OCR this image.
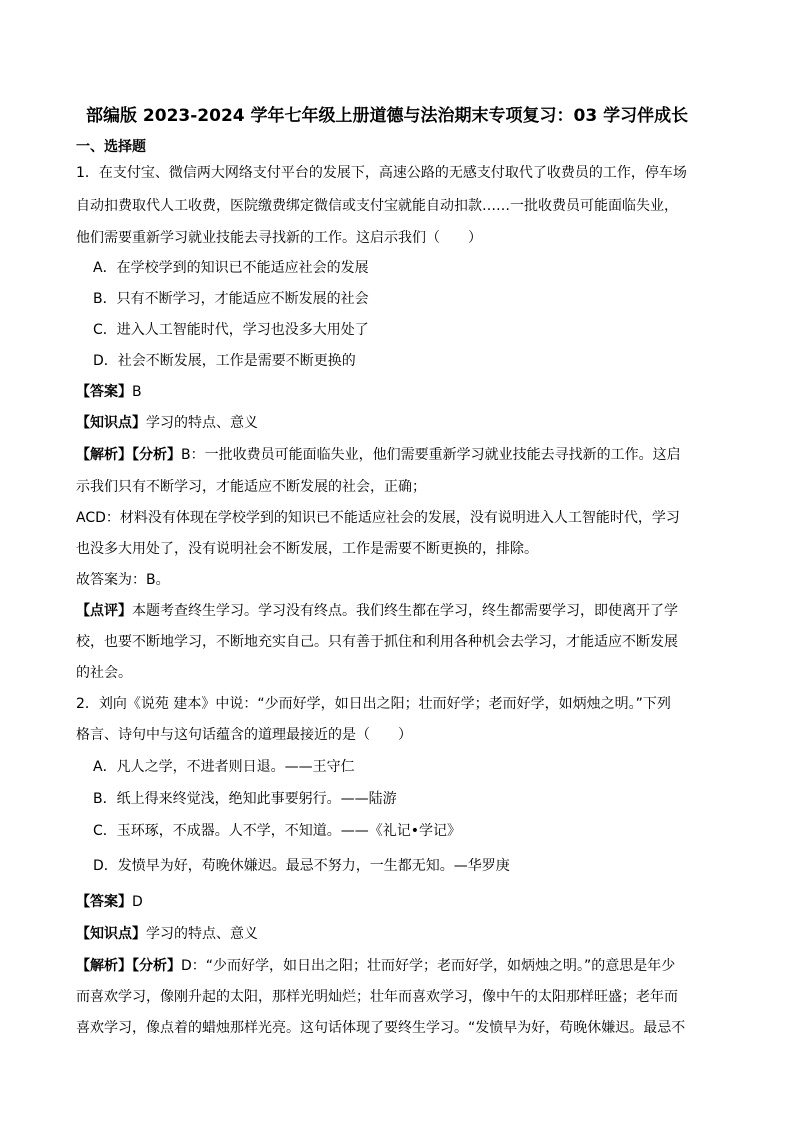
部编版 2023-2024 学年七年级上册道德与法治期末专项复习：03 学习伴成长
一、选择题
1．在支付宝、微信两大网络支付平台的发展下，高速公路的无感支付取代了收费员的工作，停车场
自动扣费取代人工收费，医院缴费绑定微信或支付宝就能自动扣款……一批收费员可能面临失业，
他们需要重新学习就业技能去寻找新的工作。这启示我们（　　）
A．在学校学到的知识已不能适应社会的发展
B．只有不断学习，才能适应不断发展的社会
C．进入人工智能时代，学习也没多大用处了
D．社会不断发展，工作是需要不断更换的
【答案】B
【知识点】学习的特点、意义
【解析】【分析】B：一批收费员可能面临失业，他们需要重新学习就业技能去寻找新的工作。这启
示我们只有不断学习，才能适应不断发展的社会，正确；
ACD：材料没有体现在学校学到的知识已不能适应社会的发展，没有说明进入人工智能时代，学习
也没多大用处了，没有说明社会不断发展，工作是需要不断更换的，排除。
故答案为：B。
【点评】本题考查终生学习。学习没有终点。我们终生都在学习，终生都需要学习，即使离开了学
校，也要不断地学习，不断地充实自己。只有善于抓住和利用各种机会去学习，才能适应不断发展
的社会。
2．刘向《说苑 建本》中说：“少而好学，如日出之阳；壮而好学；老而好学，如炳烛之明。”下列
格言、诗句中与这句话蕴含的道理最接近的是（　　）
A．凡人之学，不进者则日退。——王守仁
B．纸上得来终觉浅，绝知此事要躬行。——陆游
C．玉环琢，不成器。人不学，不知道。——《礼记•学记》
D．发愤早为好，苟晚休嫌迟。最忌不努力，一生都无知。—华罗庚
【答案】D
【知识点】学习的特点、意义
【解析】【分析】D：“少而好学，如日出之阳；壮而好学；老而好学，如炳烛之明。”的意思是年少
而喜欢学习，像刚升起的太阳，那样光明灿烂；壮年而喜欢学习，像中午的太阳那样旺盛；老年而
喜欢学习，像点着的蜡烛那样光亮。这句话体现了要终生学习。“发愤早为好，苟晚休嫌迟。最忌不
